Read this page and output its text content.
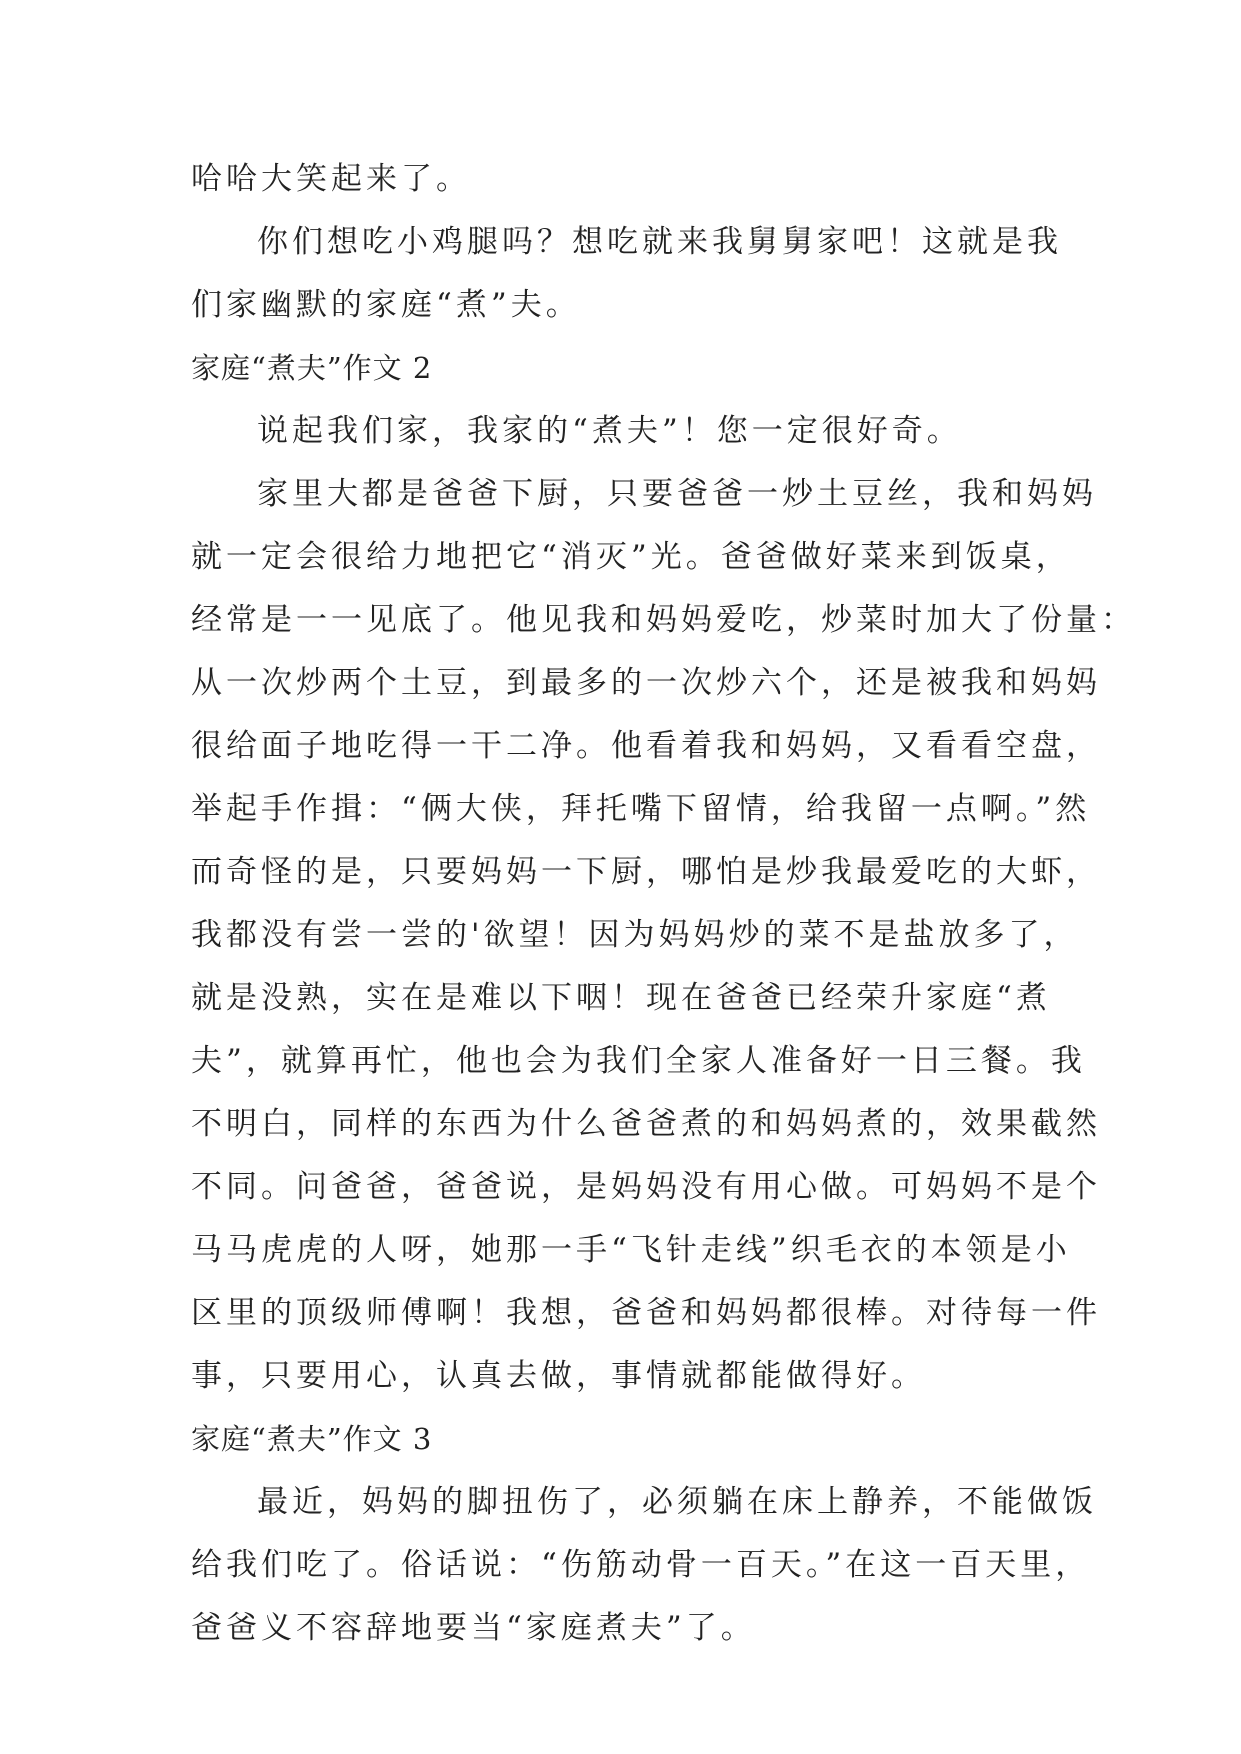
哈哈大笑起来了。
你们想吃小鸡腿吗？想吃就来我舅舅家吧！这就是我
们家幽默的家庭“煮”夫。
家庭“煮夫”作文 2
说起我们家，我家的“煮夫”！您一定很好奇。
家里大都是爸爸下厨，只要爸爸一炒土豆丝，我和妈妈
就一定会很给力地把它“消灭”光。爸爸做好菜来到饭桌，
经常是一一见底了。他见我和妈妈爱吃，炒菜时加大了份量：
从一次炒两个土豆，到最多的一次炒六个，还是被我和妈妈
很给面子地吃得一干二净。他看着我和妈妈，又看看空盘，
举起手作揖：“俩大侠，拜托嘴下留情，给我留一点啊。”然
而奇怪的是，只要妈妈一下厨，哪怕是炒我最爱吃的大虾，
我都没有尝一尝的'欲望！因为妈妈炒的菜不是盐放多了，
就是没熟，实在是难以下咽！现在爸爸已经荣升家庭“煮
夫”，就算再忙，他也会为我们全家人准备好一日三餐。我
不明白，同样的东西为什么爸爸煮的和妈妈煮的，效果截然
不同。问爸爸，爸爸说，是妈妈没有用心做。可妈妈不是个
马马虎虎的人呀，她那一手“飞针走线”织毛衣的本领是小
区里的顶级师傅啊！我想，爸爸和妈妈都很棒。对待每一件
事，只要用心，认真去做，事情就都能做得好。
家庭“煮夫”作文 3
最近，妈妈的脚扭伤了，必须躺在床上静养，不能做饭
给我们吃了。俗话说：“伤筋动骨一百天。”在这一百天里，
爸爸义不容辞地要当“家庭煮夫”了。
